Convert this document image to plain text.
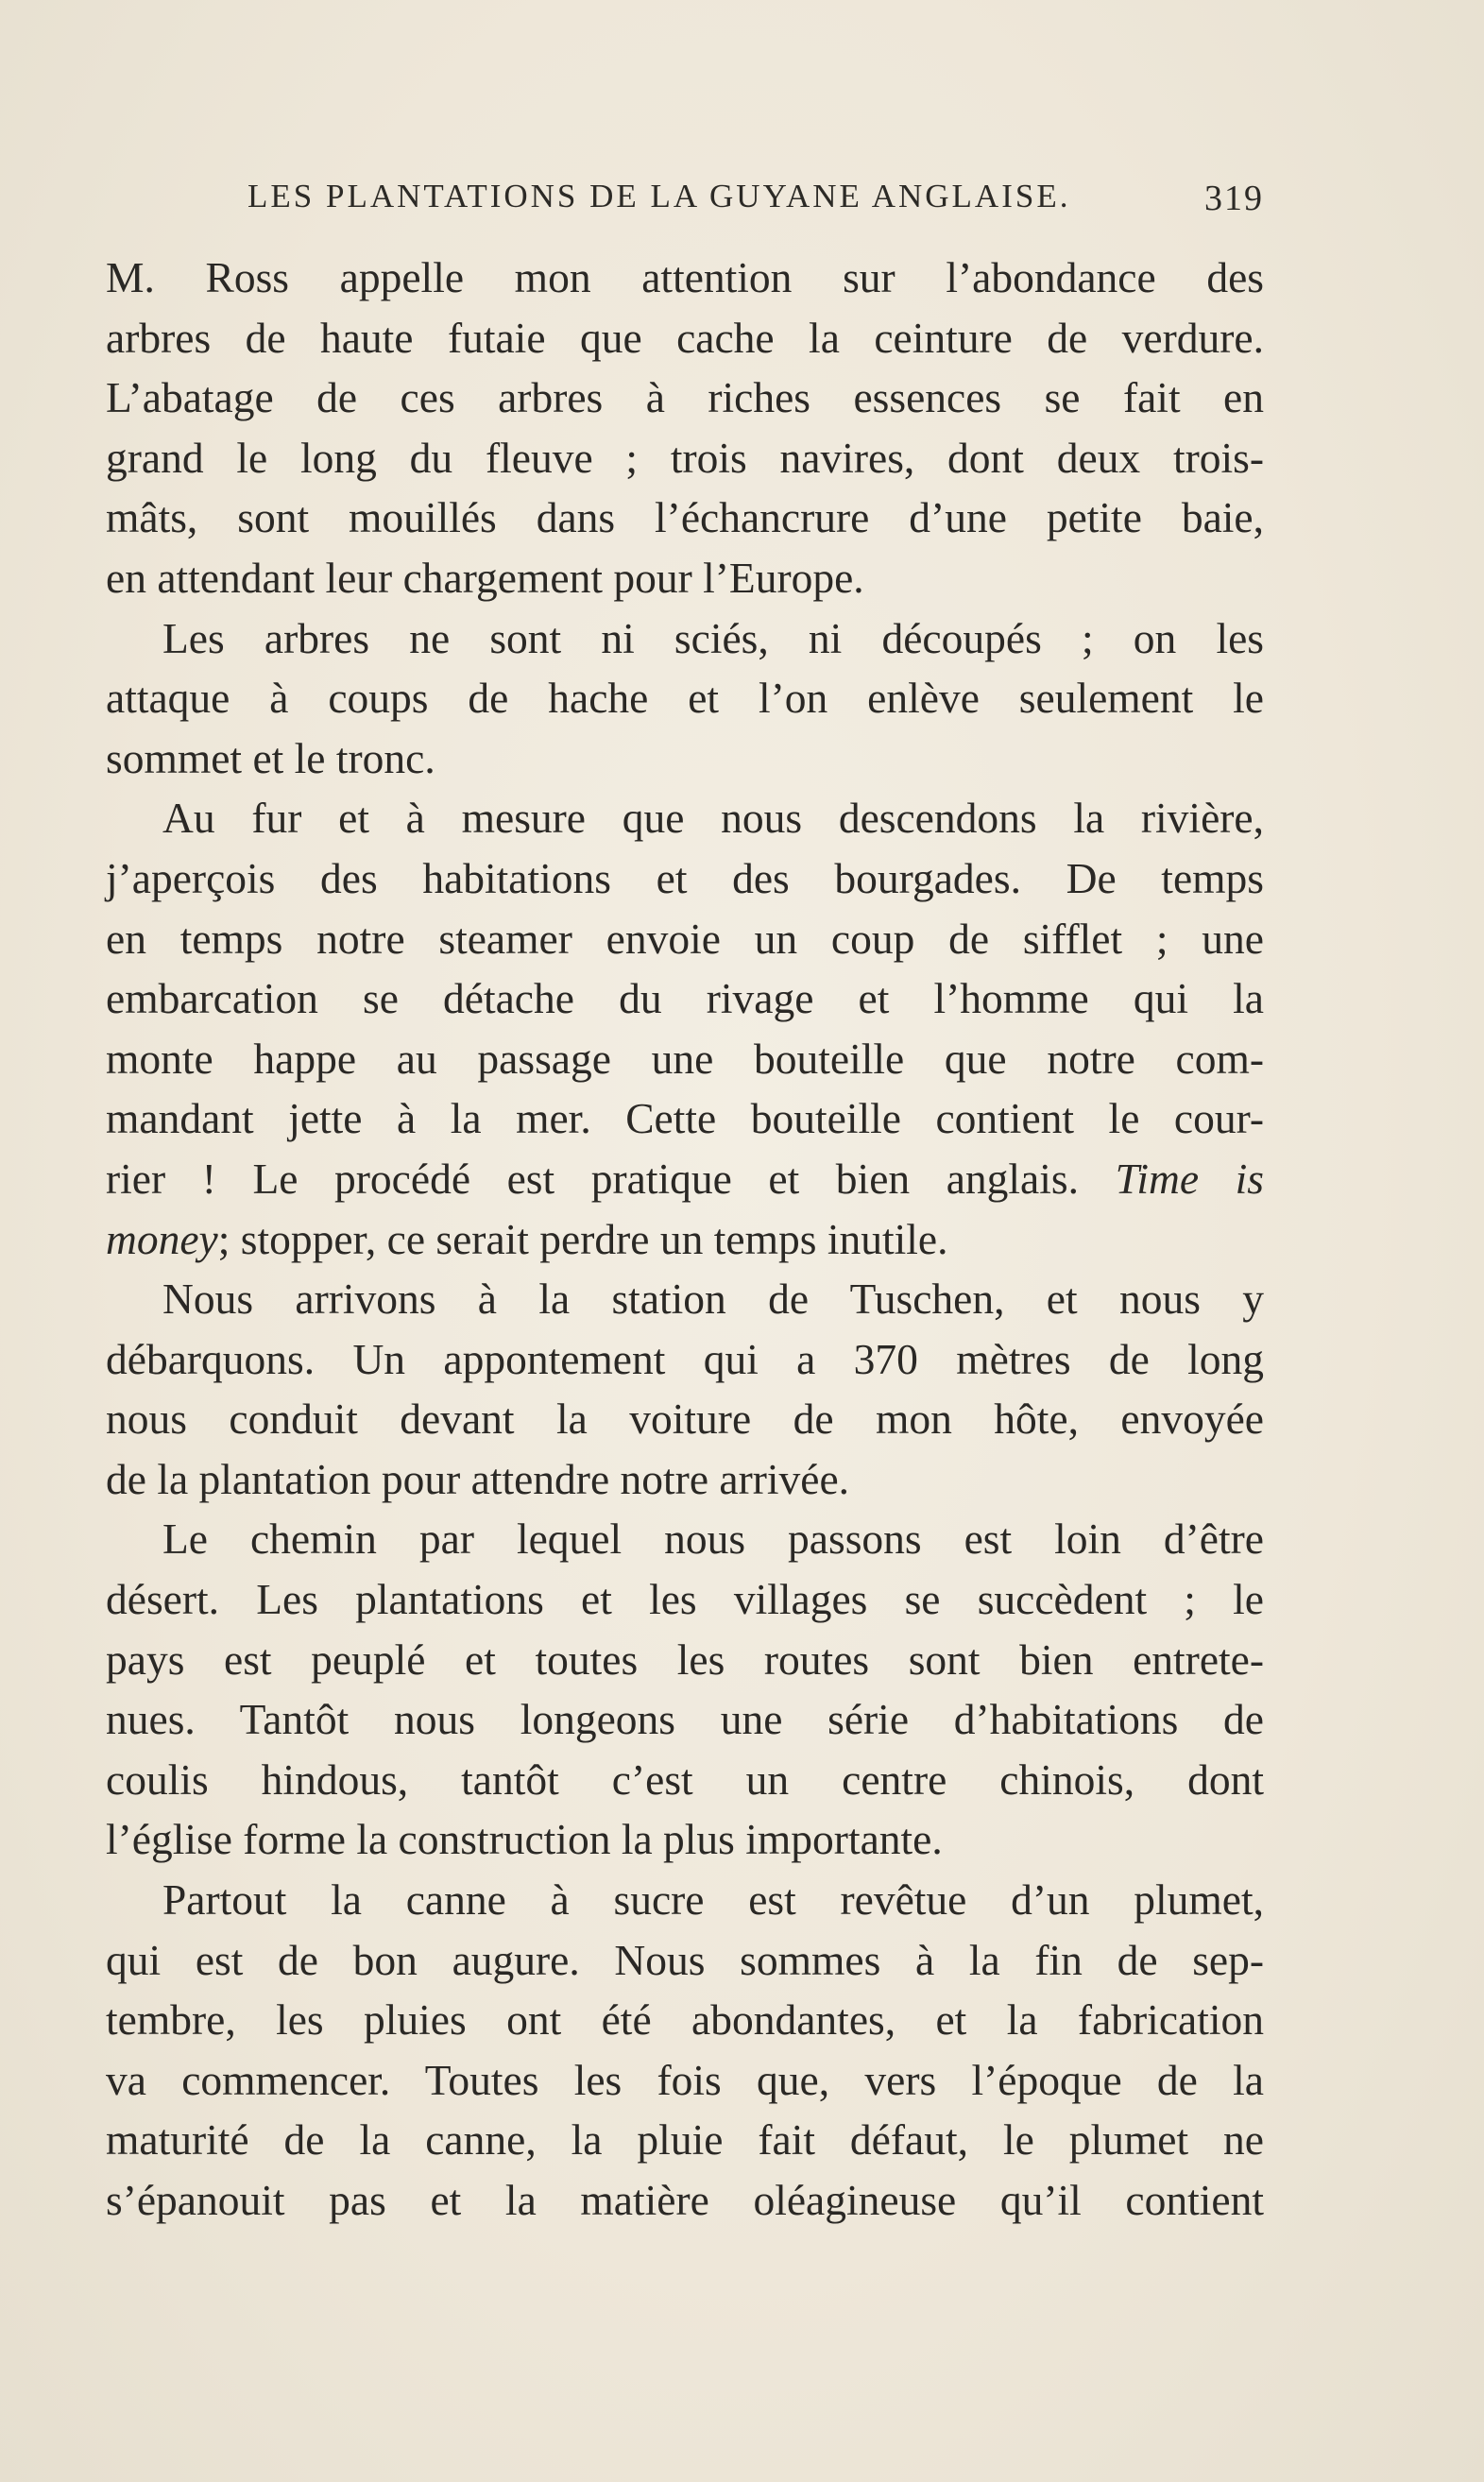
LES PLANTATIONS DE LA GUYANE ANGLAISE.	319
M. Ross appelle mon attention sur l’abondance des
arbres de haute futaie que cache la ceinture de verdure.
L’abatage de ces arbres à riches essences se fait en
grand le long du fleuve ; trois navires, dont deux trois-
mâts, sont mouillés dans l’échancrure d’une petite baie,
en attendant leur chargement pour l’Europe.
Les arbres ne sont ni sciés, ni découpés ; on les
attaque à coups de hache et l’on enlève seulement le
sommet et le tronc.
Au fur et à mesure que nous descendons la rivière,
j’aperçois des habitations et des bourgades. De temps
en temps notre steamer envoie un coup de sifflet ; une
embarcation se détache du rivage et l’homme qui la
monte happe au passage une bouteille que notre com-
mandant jette à la mer. Cette bouteille contient le cour-
rier ! Le procédé est pratique et bien anglais. Time is
money; stopper, ce serait perdre un temps inutile.
Nous arrivons à la station de Tuschen, et nous y
débarquons. Un appontement qui a 370 mètres de long
nous conduit devant la voiture de mon hôte, envoyée
de la plantation pour attendre notre arrivée.
Le chemin par lequel nous passons est loin d’être
désert. Les plantations et les villages se succèdent ; le
pays est peuplé et toutes les routes sont bien entrete-
nues. Tantôt nous longeons une série d’habitations de
coulis hindous, tantôt c’est un centre chinois, dont
l’église forme la construction la plus importante.
Partout la canne à sucre est revêtue d’un plumet,
qui est de bon augure. Nous sommes à la fin de sep-
tembre, les pluies ont été abondantes, et la fabrication
va commencer. Toutes les fois que, vers l’époque de la
maturité de la canne, la pluie fait défaut, le plumet ne
s’épanouit pas et la matière oléagineuse qu’il contient
